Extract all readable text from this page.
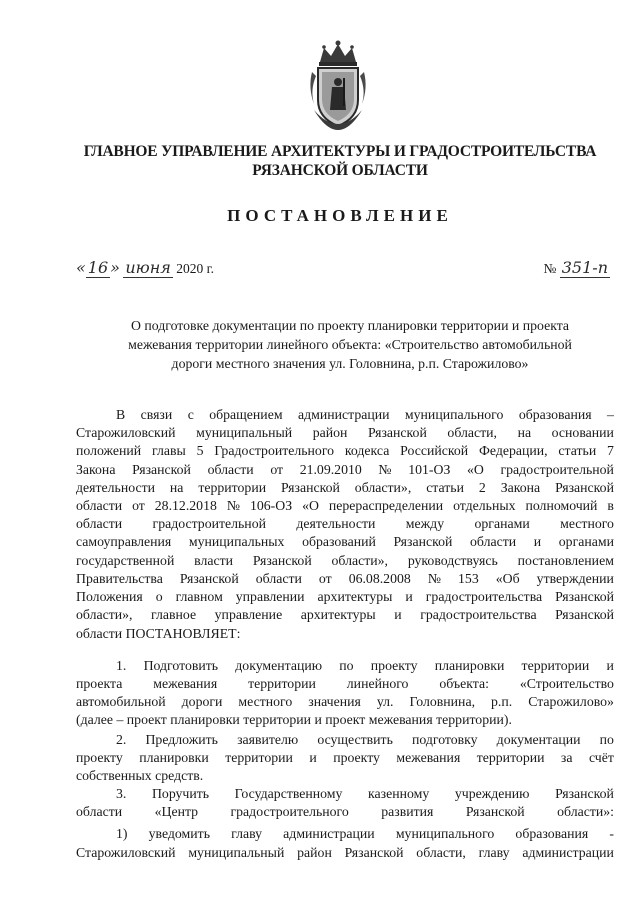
ГЛАВНОЕ УПРАВЛЕНИЕ АРХИТЕКТУРЫ И ГРАДОСТРОИТЕЛЬСТВА
РЯЗАНСКОЙ ОБЛАСТИ
ПОСТАНОВЛЕНИЕ
« 16 » июня 2020 г.	№ 351-п
О подготовке документации по проекту планировки территории и проекта
межевания территории линейного объекта: «Строительство автомобильной
дороги местного значения ул. Головнина, р.п. Старожилово»
В связи с обращением администрации муниципального образования –
Старожиловский муниципальный район Рязанской области, на основании
положений главы 5 Градостроительного кодекса Российской Федерации, статьи 7
Закона Рязанской области от 21.09.2010 № 101-ОЗ «О градостроительной
деятельности на территории Рязанской области», статьи 2 Закона Рязанской
области от 28.12.2018 № 106-ОЗ «О перераспределении отдельных полномочий в
области градостроительной деятельности между органами местного
самоуправления муниципальных образований Рязанской области и органами
государственной власти Рязанской области», руководствуясь постановлением
Правительства Рязанской области от 06.08.2008 № 153 «Об утверждении
Положения о главном управлении архитектуры и градостроительства Рязанской
области», главное управление архитектуры и градостроительства Рязанской
области ПОСТАНОВЛЯЕТ:
1. Подготовить документацию по проекту планировки территории и
проекта межевания территории линейного объекта: «Строительство
автомобильной дороги местного значения ул. Головнина, р.п. Старожилово»
(далее – проект планировки территории и проект межевания территории).
2. Предложить заявителю осуществить подготовку документации по
проекту планировки территории и проекту межевания территории за счёт
собственных средств.
3. Поручить Государственному казенному учреждению Рязанской
области «Центр градостроительного развития Рязанской области»:
1) уведомить главу администрации муниципального образования -
Старожиловский муниципальный район Рязанской области, главу администрации
